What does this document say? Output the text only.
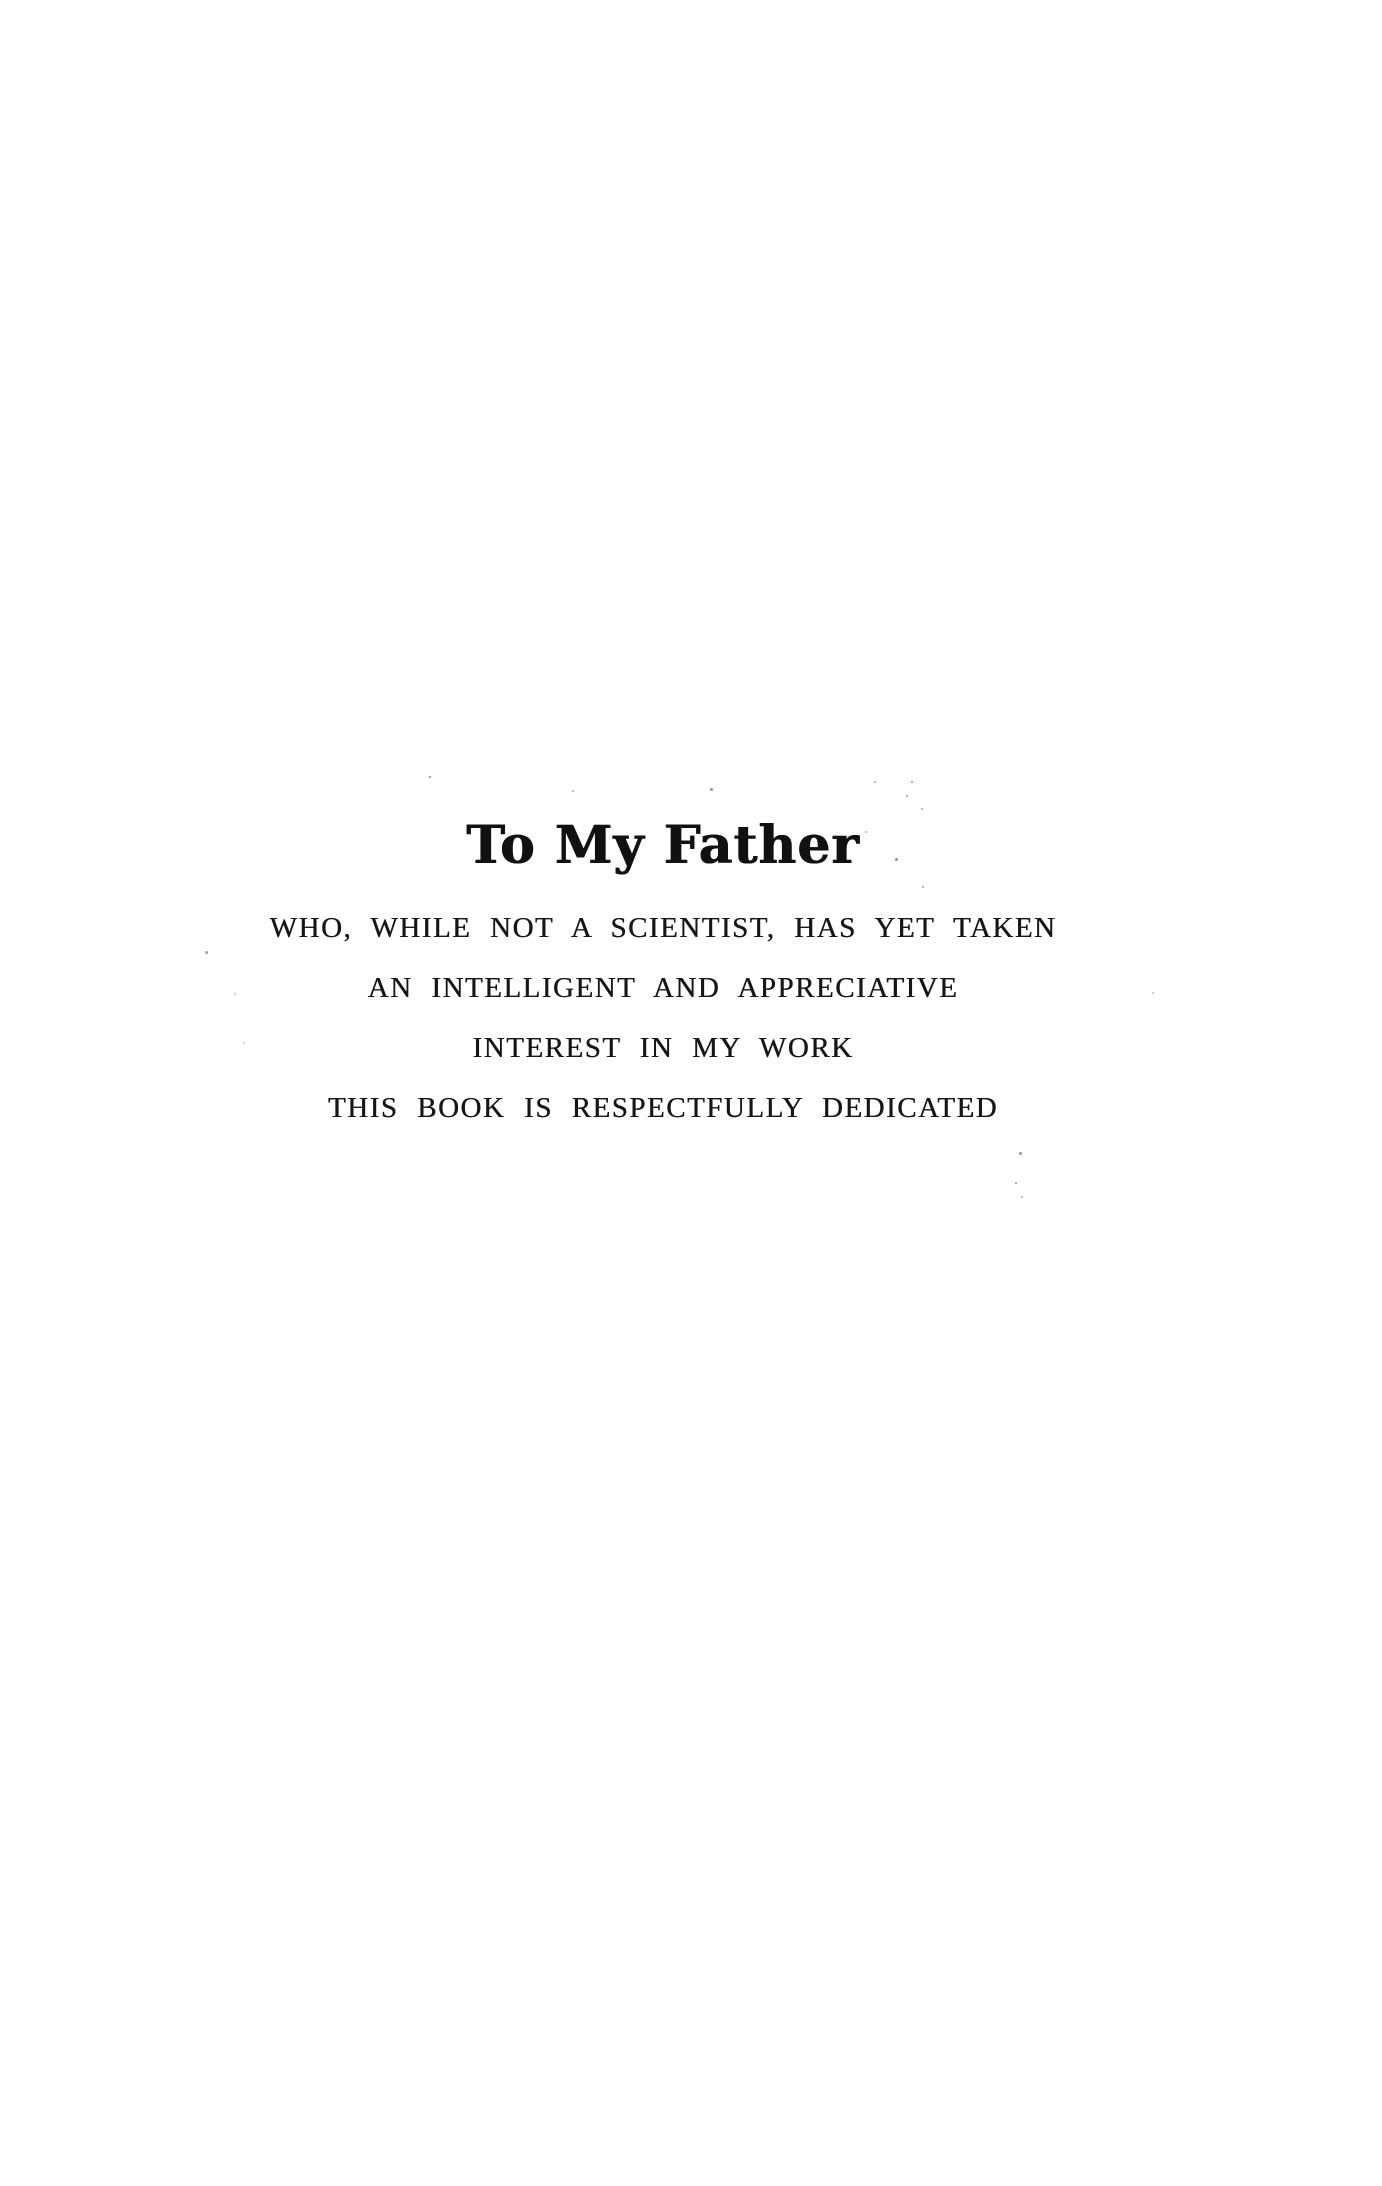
To My Father

WHO, WHILE NOT A SCIENTIST, HAS YET TAKEN

AN INTELLIGENT AND APPRECIATIVE

INTEREST IN MY WORK

THIS BOOK IS RESPECTFULLY DEDICATED
